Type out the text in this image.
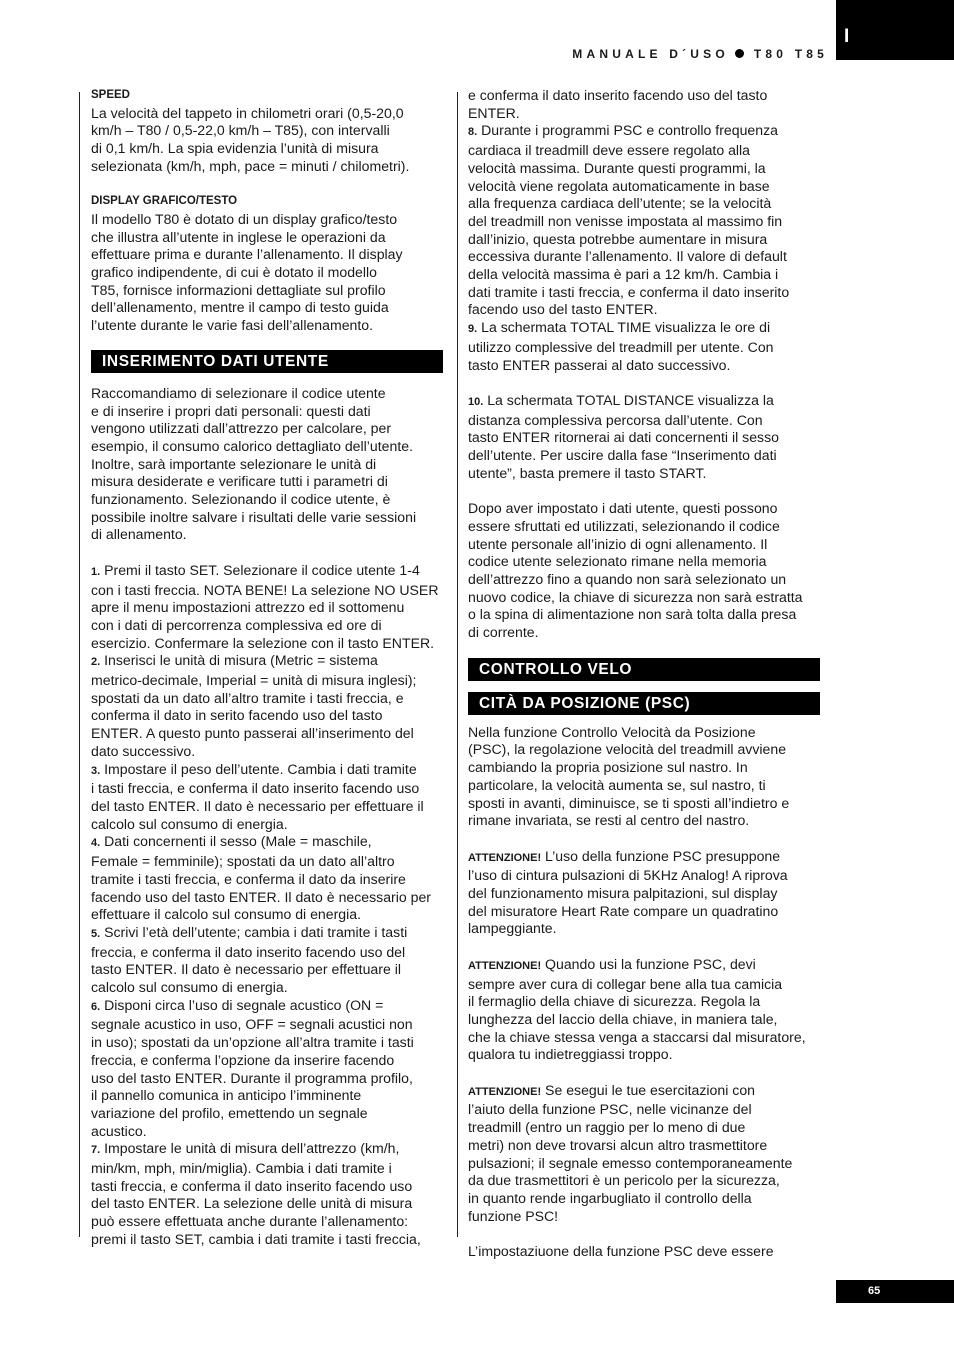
I
MANUALE D´USO T80 T85

SPEED

La velocità del tappeto in chilometri orari (0,5-20,0

km/h – T80 / 0,5-22,0 km/h – T85), con intervalli

di 0,1 km/h. La spia evidenzia l’unità di misura

selezionata (km/h, mph, pace = minuti / chilometri).

DISPLAY GRAFICO/TESTO

Il modello T80 è dotato di un display grafico/testo

che illustra all’utente in inglese le operazioni da

effettuare prima e durante l’allenamento. Il display

grafico indipendente, di cui è dotato il modello

T85, fornisce informazioni dettagliate sul profilo

dell’allenamento, mentre il campo di testo guida

l’utente durante le varie fasi dell’allenamento.

INSERIMENTO DATI UTENTE

Raccomandiamo di selezionare il codice utente

e di inserire i propri dati personali: questi dati

vengono utilizzati dall’attrezzo per calcolare, per

esempio, il consumo calorico dettagliato dell’utente.

Inoltre, sarà importante selezionare le unità di

misura desiderate e verificare tutti i parametri di

funzionamento. Selezionando il codice utente, è

possibile inoltre salvare i risultati delle varie sessioni

di allenamento.

1. Premi il tasto SET. Selezionare il codice utente 1-4

con i tasti freccia. NOTA BENE! La selezione NO USER

apre il menu impostazioni attrezzo ed il sottomenu

con i dati di percorrenza complessiva ed ore di

esercizio. Confermare la selezione con il tasto ENTER.

2. Inserisci le unità di misura (Metric = sistema

metrico-decimale, Imperial = unità di misura inglesi);

spostati da un dato all’altro tramite i tasti freccia, e

conferma il dato in serito facendo uso del tasto

ENTER. A questo punto passerai all’inserimento del

dato successivo.

3. Impostare il peso dell’utente. Cambia i dati tramite

i tasti freccia, e conferma il dato inserito facendo uso

del tasto ENTER. Il dato è necessario per effettuare il

calcolo sul consumo di energia.

4. Dati concernenti il sesso (Male = maschile,

Female = femminile); spostati da un dato all’altro

tramite i tasti freccia, e conferma il dato da inserire

facendo uso del tasto ENTER. Il dato è necessario per

effettuare il calcolo sul consumo di energia.

5. Scrivi l’età dell’utente; cambia i dati tramite i tasti

freccia, e conferma il dato inserito facendo uso del

tasto ENTER. Il dato è necessario per effettuare il

calcolo sul consumo di energia.

6. Disponi circa l’uso di segnale acustico (ON =

segnale acustico in uso, OFF = segnali acustici non

in uso); spostati da un’opzione all’altra tramite i tasti

freccia, e conferma l’opzione da inserire facendo

uso del tasto ENTER. Durante il programma profilo,

il pannello comunica in anticipo l’imminente

variazione del profilo, emettendo un segnale

acustico.

7. Impostare le unità di misura dell’attrezzo (km/h,

min/km, mph, min/miglia). Cambia i dati tramite i

tasti freccia, e conferma il dato inserito facendo uso

del tasto ENTER. La selezione delle unità di misura

può essere effettuata anche durante l’allenamento:

premi il tasto SET, cambia i dati tramite i tasti freccia,

e conferma il dato inserito facendo uso del tasto

ENTER.

8. Durante i programmi PSC e controllo frequenza

cardiaca il treadmill deve essere regolato alla

velocità massima. Durante questi programmi, la

velocità viene regolata automaticamente in base

alla frequenza cardiaca dell’utente; se la velocità

del treadmill non venisse impostata al massimo fin

dall’inizio, questa potrebbe aumentare in misura

eccessiva durante l’allenamento. Il valore di default

della velocità massima è pari a 12 km/h. Cambia i

dati tramite i tasti freccia, e conferma il dato inserito

facendo uso del tasto ENTER.

9. La schermata TOTAL TIME visualizza le ore di

utilizzo complessive del treadmill per utente. Con

tasto ENTER passerai al dato successivo.

10. La schermata TOTAL DISTANCE visualizza la

distanza complessiva percorsa dall’utente. Con

tasto ENTER ritornerai ai dati concernenti il sesso

dell’utente. Per uscire dalla fase “Inserimento dati

utente”, basta premere il tasto START.

Dopo aver impostato i dati utente, questi possono

essere sfruttati ed utilizzati, selezionando il codice

utente personale all’inizio di ogni allenamento. Il

codice utente selezionato rimane nella memoria

dell’attrezzo fino a quando non sarà selezionato un

nuovo codice, la chiave di sicurezza non sarà estratta

o la spina di alimentazione non sarà tolta dalla presa

di corrente.

CONTROLLO VELO
CITÀ DA POSIZIONE (PSC)

Nella funzione Controllo Velocità da Posizione

(PSC), la regolazione velocità del treadmill avviene

cambiando la propria posizione sul nastro. In

particolare, la velocità aumenta se, sul nastro, ti

sposti in avanti, diminuisce, se ti sposti all’indietro e

rimane invariata, se resti al centro del nastro.

ATTENZIONE! L’uso della funzione PSC presuppone

l’uso di cintura pulsazioni di 5KHz Analog! A riprova

del funzionamento misura palpitazioni, sul display

del misuratore Heart Rate compare un quadratino

lampeggiante.

ATTENZIONE! Quando usi la funzione PSC, devi

sempre aver cura di collegar bene alla tua camicia

il fermaglio della chiave di sicurezza. Regola la

lunghezza del laccio della chiave, in maniera tale,

che la chiave stessa venga a staccarsi dal misuratore,

qualora tu indietreggiassi troppo.

ATTENZIONE! Se esegui le tue esercitazioni con

l’aiuto della funzione PSC, nelle vicinanze del

treadmill (entro un raggio per lo meno di due

metri) non deve trovarsi alcun altro trasmettitore

pulsazioni; il segnale emesso contemporaneamente

da due trasmettitori è un pericolo per la sicurezza,

in quanto rende ingarbugliato il controllo della

funzione PSC!

L’impostaziuone della funzione PSC deve essere

65
